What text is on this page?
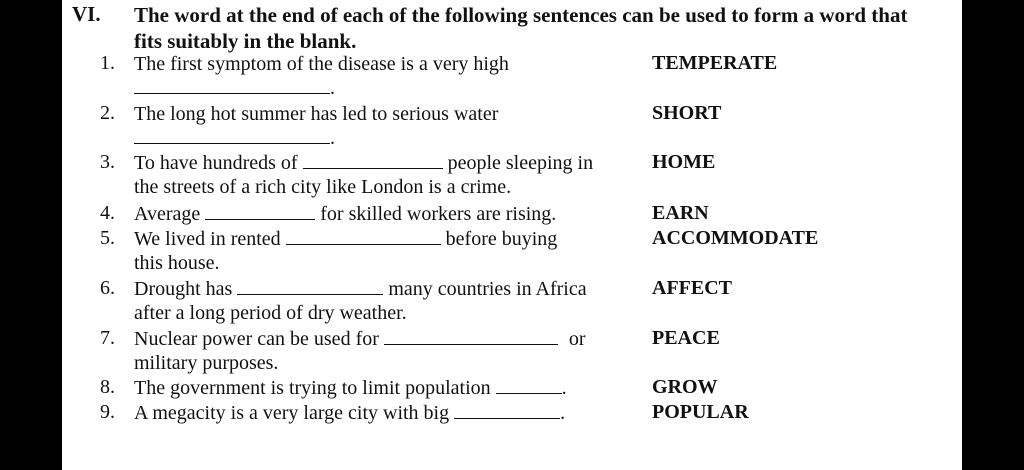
VI. The word at the end of each of the following sentences can be used to form a word that fits suitably in the blank.
1. The first symptom of the disease is a very high
.
TEMPERATE
2. The long hot summer has led to serious water
.
SHORT
3. To have hundreds of	people sleeping in
the streets of a rich city like London is a crime.
HOME
4. Average	for skilled workers are rising.	EARN
5. We lived in rented	before buying
this house.
ACCOMMODATE
6. Drought has	many countries in Africa
after a long period of dry weather.
AFFECT
7. Nuclear power can be used for	or
military purposes.
PEACE
8. The government is trying to limit population	.	GROW
9. A megacity is a very large city with big	.	POPULAR
